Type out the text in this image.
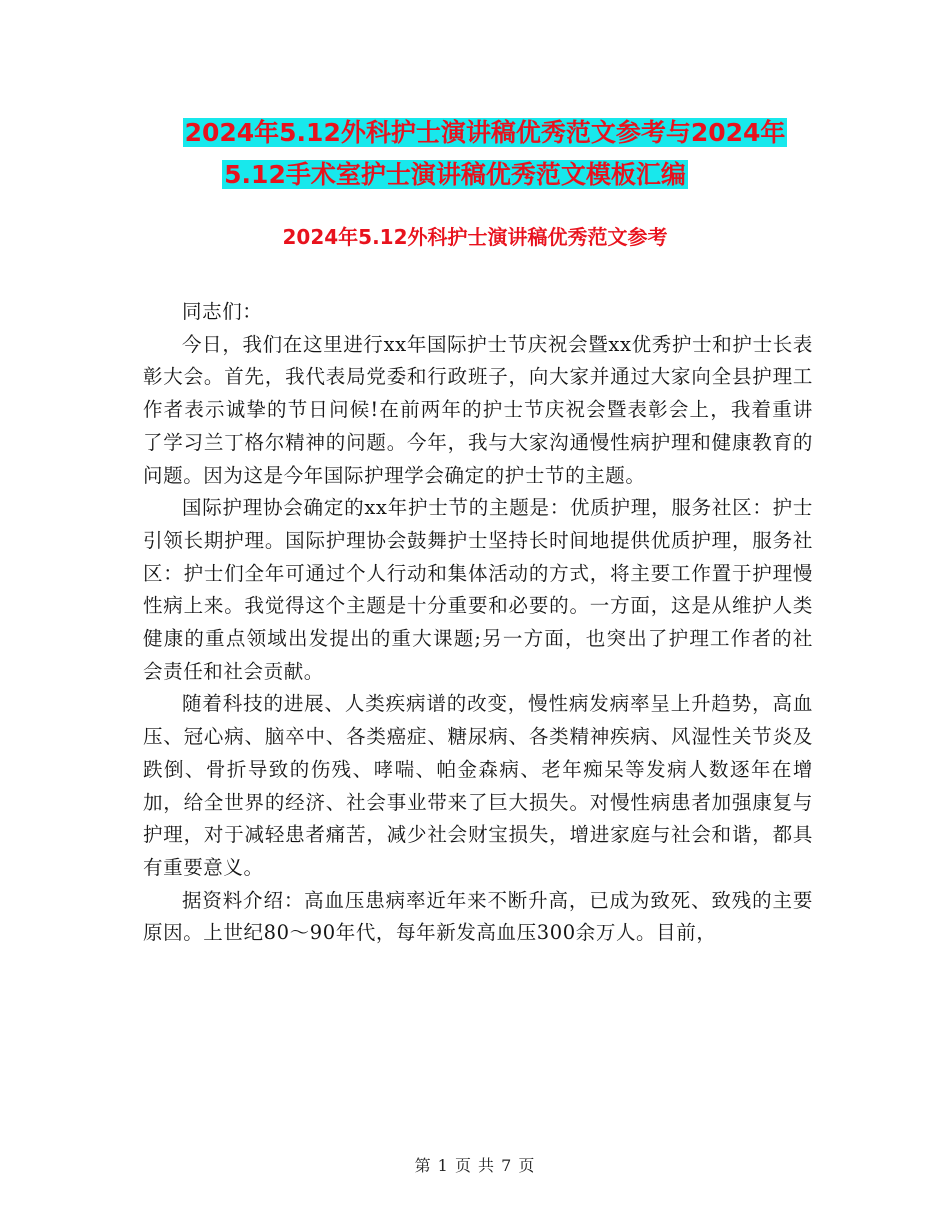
2024年5.12外科护士演讲稿优秀范文参考与2024年
5.12手术室护士演讲稿优秀范文模板汇编
2024年5.12外科护士演讲稿优秀范文参考

同志们：

今日，我们在这里进行xx年国际护士节庆祝会暨xx优秀护士和护士长表彰大会。首先，我代表局党委和行政班子，向大家并通过大家向全县护理工作者表示诚挚的节日问候!在前两年的护士节庆祝会暨表彰会上，我着重讲了学习兰丁格尔精神的问题。今年，我与大家沟通慢性病护理和健康教育的问题。因为这是今年国际护理学会确定的护士节的主题。

国际护理协会确定的xx年护士节的主题是：优质护理，服务社区：护士引领长期护理。国际护理协会鼓舞护士坚持长时间地提供优质护理，服务社区：护士们全年可通过个人行动和集体活动的方式，将主要工作置于护理慢性病上来。我觉得这个主题是十分重要和必要的。一方面，这是从维护人类健康的重点领域出发提出的重大课题;另一方面，也突出了护理工作者的社会责任和社会贡献。

随着科技的进展、人类疾病谱的改变，慢性病发病率呈上升趋势，高血压、冠心病、脑卒中、各类癌症、糖尿病、各类精神疾病、风湿性关节炎及跌倒、骨折导致的伤残、哮喘、帕金森病、老年痴呆等发病人数逐年在增加，给全世界的经济、社会事业带来了巨大损失。对慢性病患者加强康复与护理，对于减轻患者痛苦，减少社会财宝损失，增进家庭与社会和谐，都具有重要意义。

据资料介绍：高血压患病率近年来不断升高，已成为致死、致残的主要原因。上世纪80～90年代，每年新发高血压300余万人。目前，

第 1 页 共 7 页
